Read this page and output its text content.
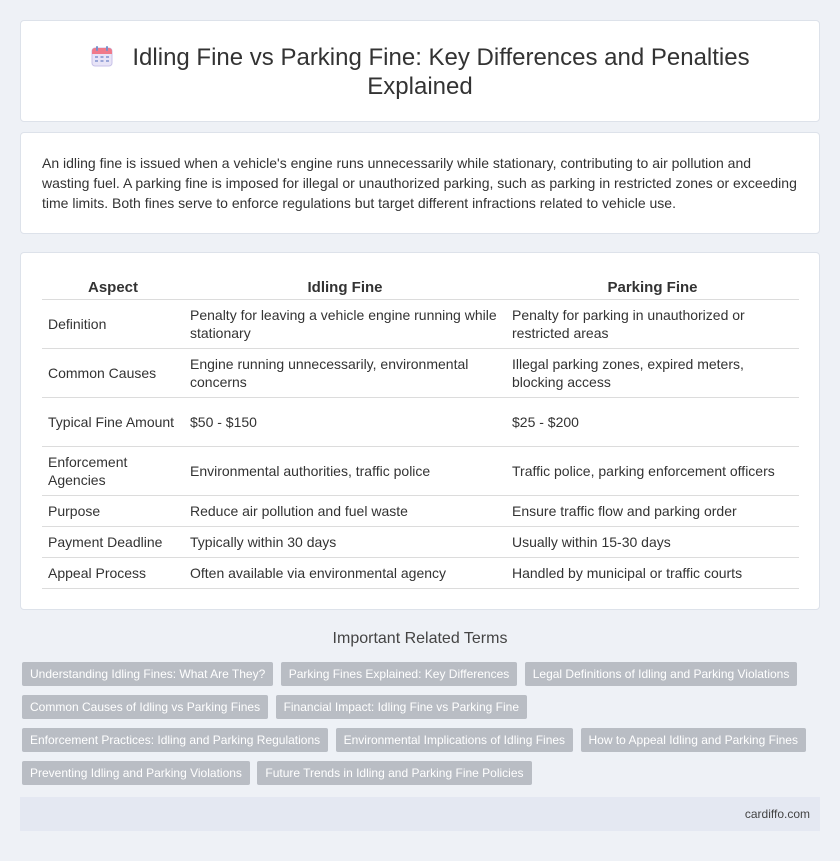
Idling Fine vs Parking Fine: Key Differences and Penalties
Explained
An idling fine is issued when a vehicle's engine runs unnecessarily while stationary, contributing to air pollution and wasting fuel. A parking fine is imposed for illegal or unauthorized parking, such as parking in restricted zones or exceeding time limits. Both fines serve to enforce regulations but target different infractions related to vehicle use.
Aspect	Idling Fine	Parking Fine
Definition	Penalty for leaving a vehicle engine running while stationary	Penalty for parking in unauthorized or restricted areas
Common Causes	Engine running unnecessarily, environmental concerns	Illegal parking zones, expired meters, blocking access
Typical Fine Amount	$50 - $150	$25 - $200
Enforcement Agencies	Environmental authorities, traffic police	Traffic police, parking enforcement officers
Purpose	Reduce air pollution and fuel waste	Ensure traffic flow and parking order
Payment Deadline	Typically within 30 days	Usually within 15-30 days
Appeal Process	Often available via environmental agency	Handled by municipal or traffic courts
Important Related Terms
Understanding Idling Fines: What Are They? Parking Fines Explained: Key Differences Legal Definitions of Idling and Parking Violations
Common Causes of Idling vs Parking Fines Financial Impact: Idling Fine vs Parking Fine
Enforcement Practices: Idling and Parking Regulations Environmental Implications of Idling Fines How to Appeal Idling and Parking Fines
Preventing Idling and Parking Violations Future Trends in Idling and Parking Fine Policies
cardiffo.com
